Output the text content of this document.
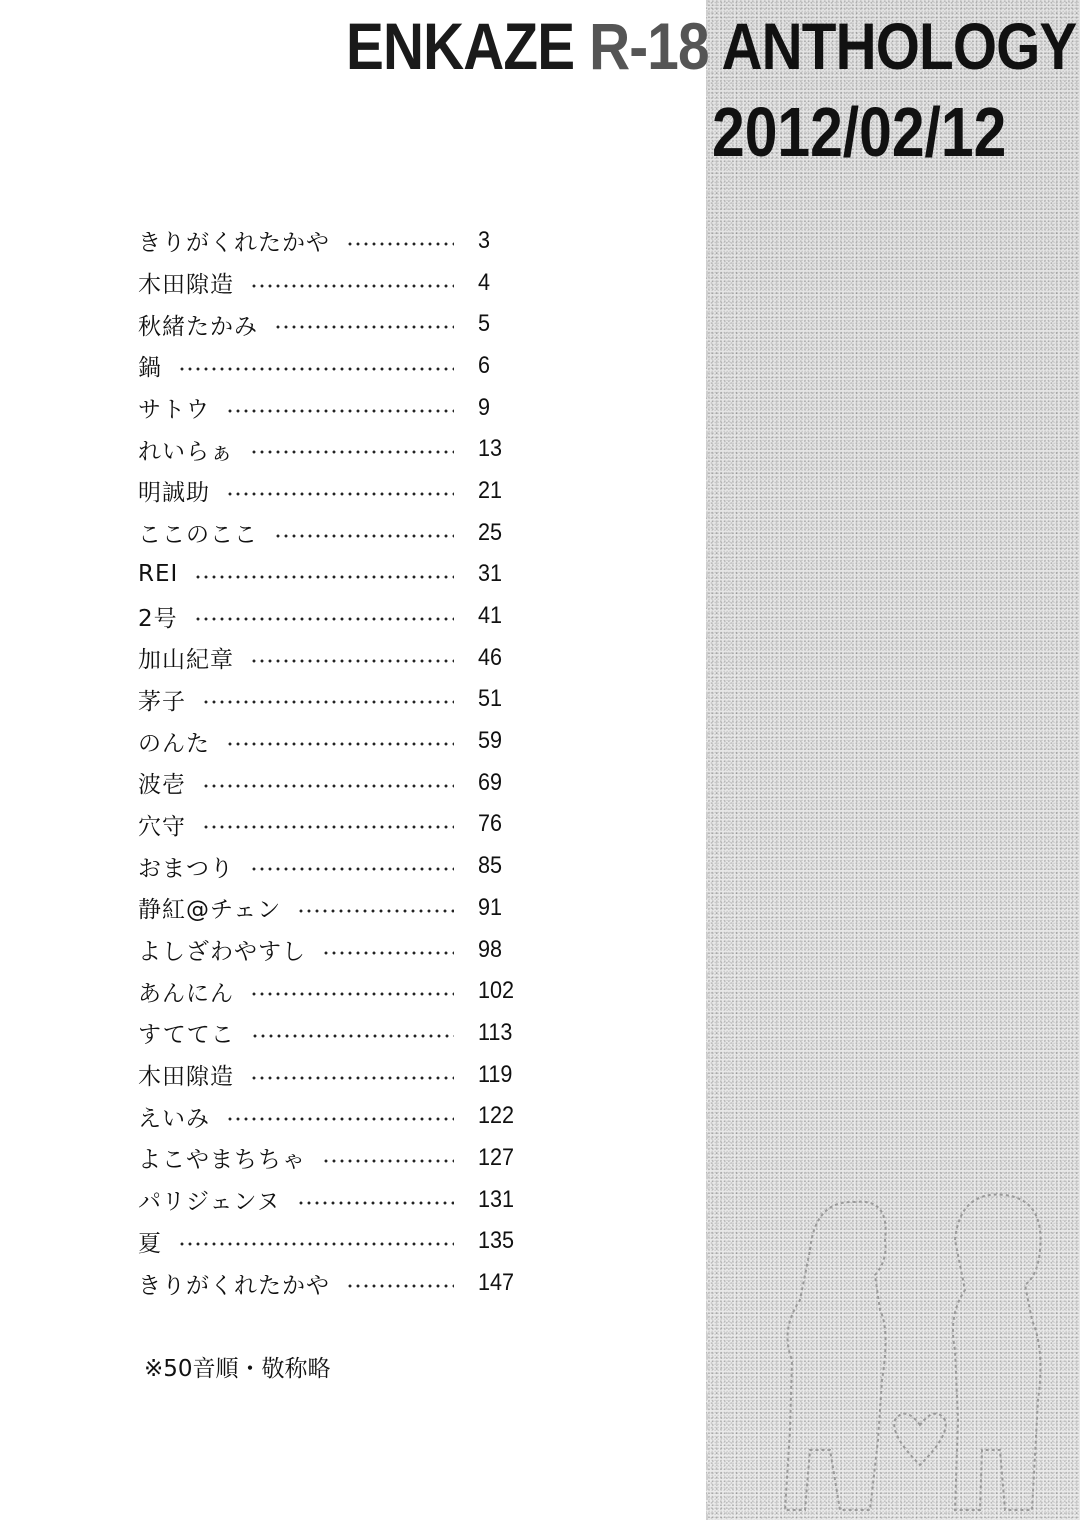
ENKAZE R-18 ANTHOLOGY
2012/02/12
きりがくれたかや	3
木田隙造	4
秋緒たかみ	5
鍋	6
サトウ	9
れいらぁ	13
明誠助	21
ここのここ	25
REI	31
2号	41
加山紀章	46
茅子	51
のんた	59
波壱	69
穴守	76
おまつり	85
静紅@チェン	91
よしざわやすし	98
あんにん	102
すててこ	113
木田隙造	119
えいみ	122
よこやまちちゃ	127
パリジェンヌ	131
夏	135
きりがくれたかや	147
※50音順・敬称略
